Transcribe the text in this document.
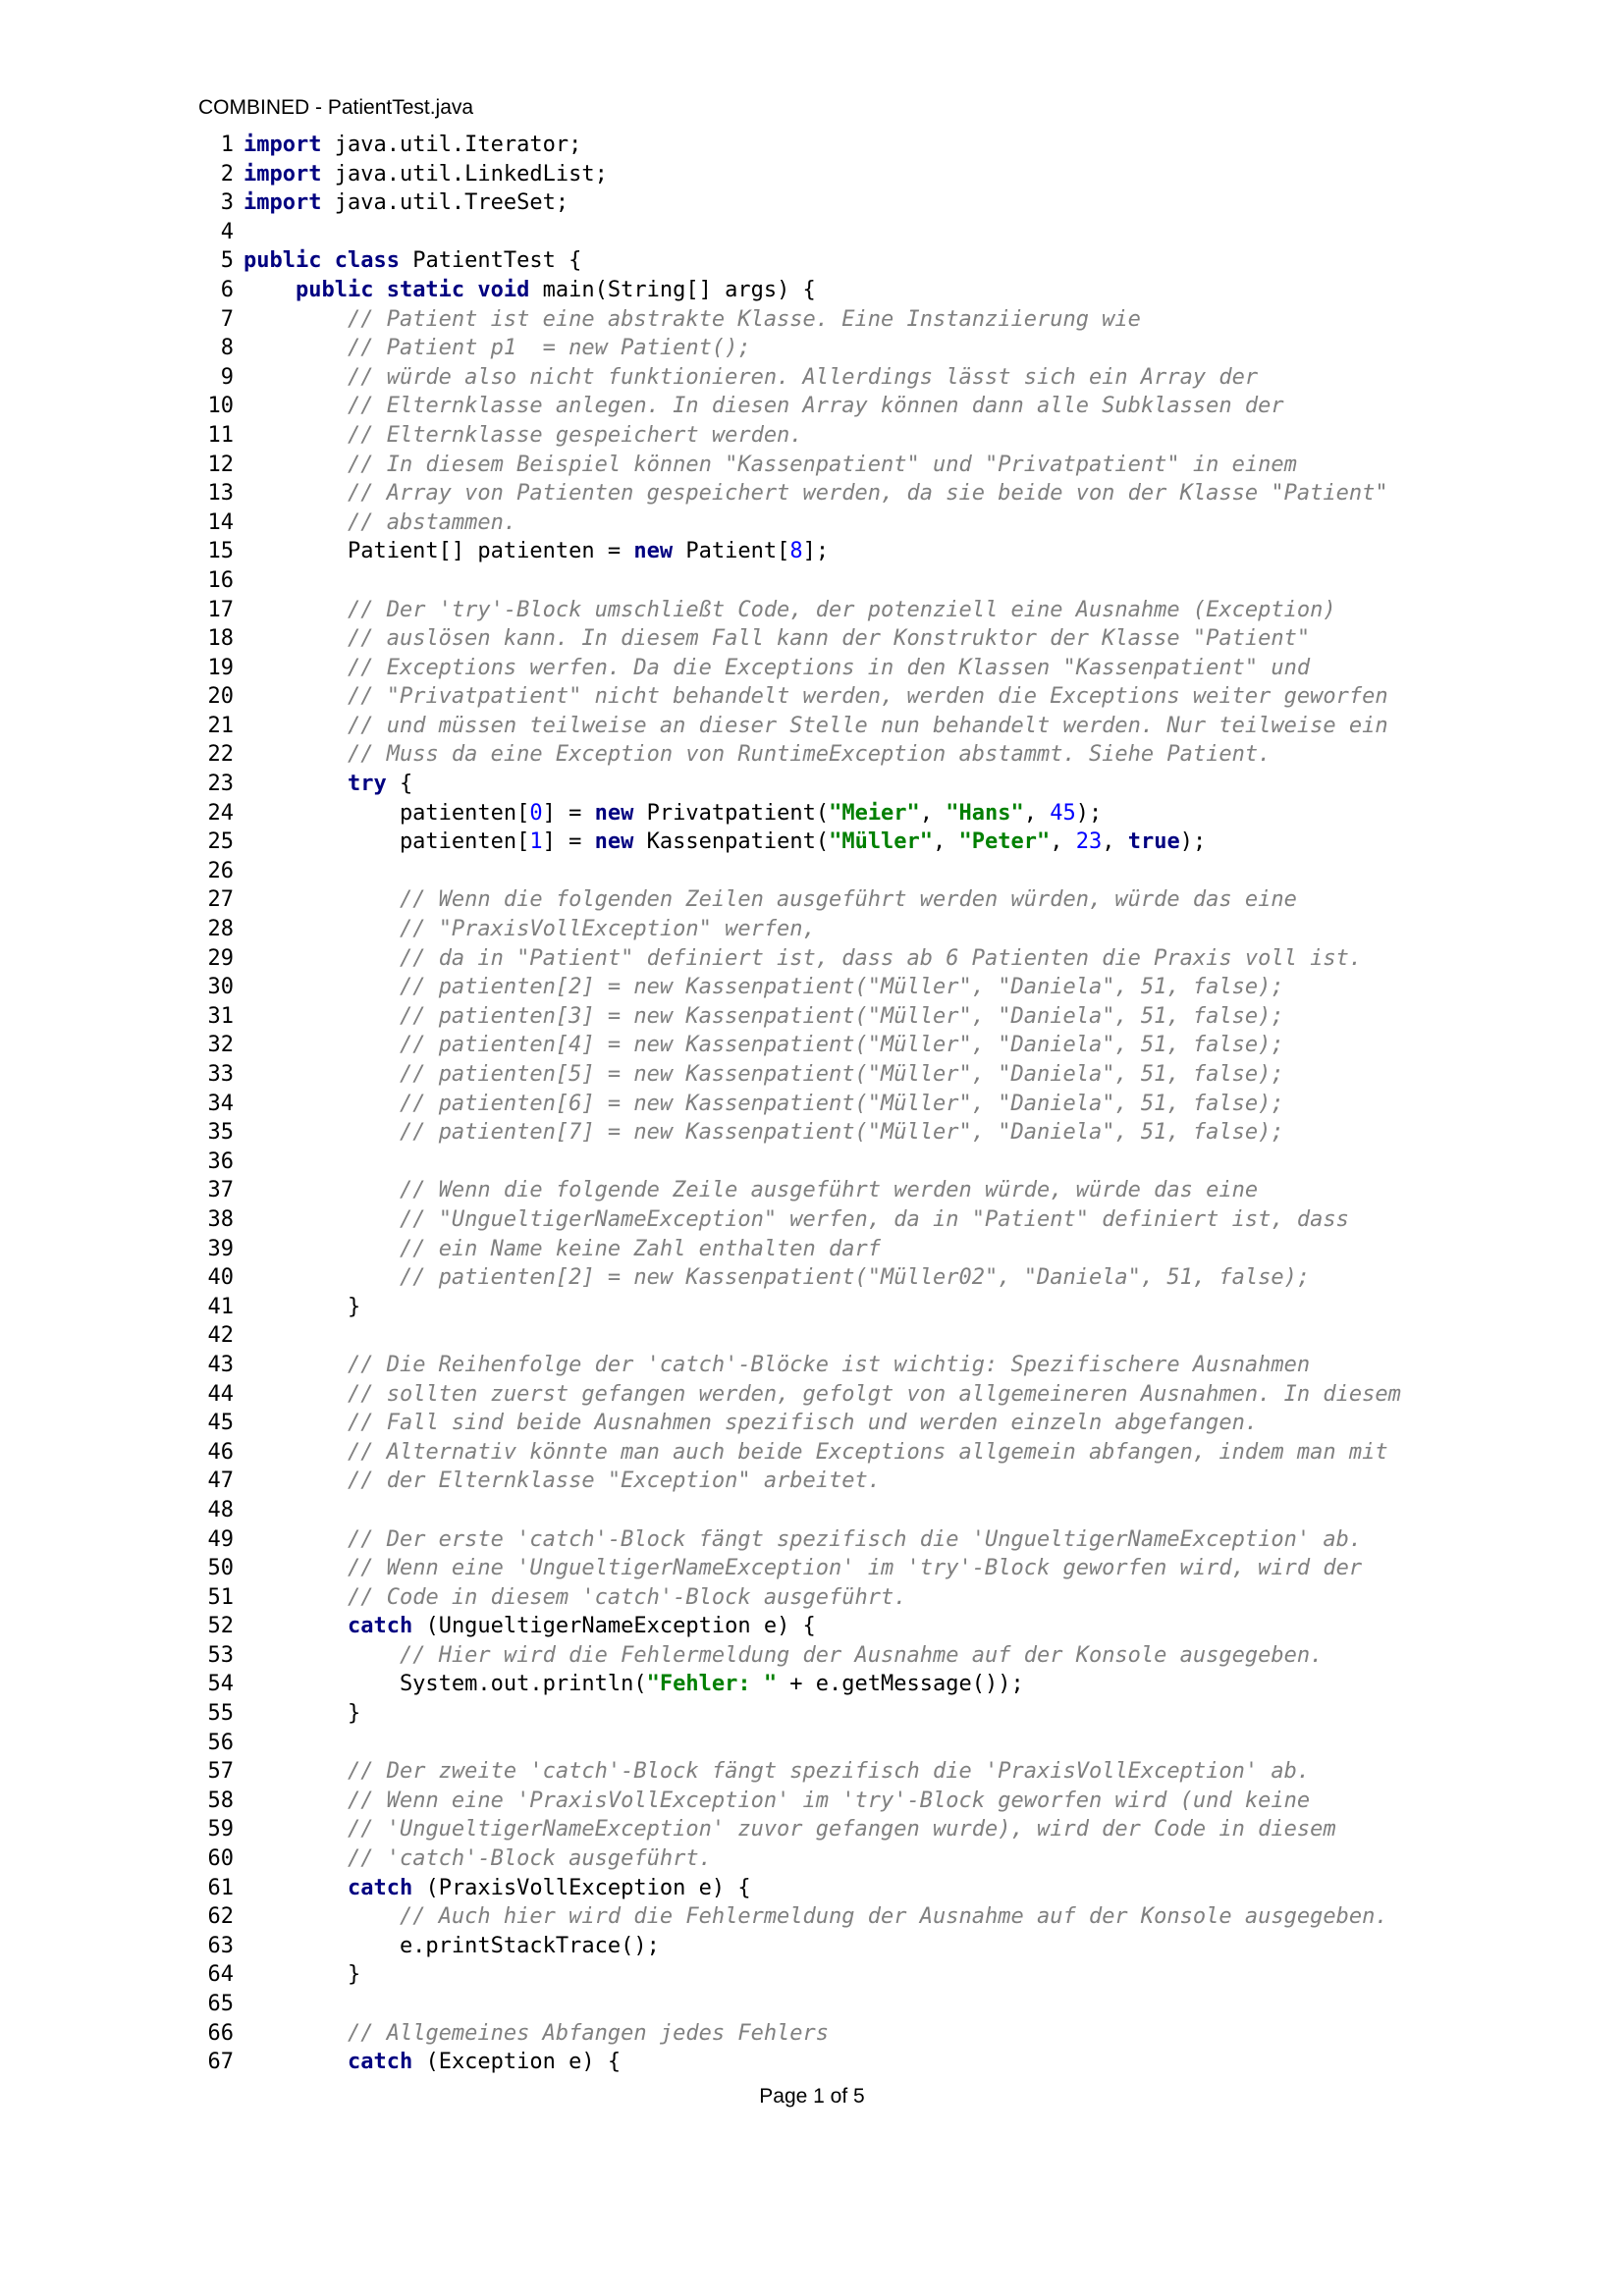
COMBINED - PatientTest.java
1 import java.util.Iterator;
2 import java.util.LinkedList;
3 import java.util.TreeSet;
4
5 public class PatientTest {
6	public static void main(String[] args) {
7	// Patient ist eine abstrakte Klasse. Eine Instanziierung wie
8	// Patient p1  = new Patient();
9	// würde also nicht funktionieren. Allerdings lässt sich ein Array der
10	// Elternklasse anlegen. In diesen Array können dann alle Subklassen der
11	// Elternklasse gespeichert werden.
12	// In diesem Beispiel können "Kassenpatient" und "Privatpatient" in einem
13	// Array von Patienten gespeichert werden, da sie beide von der Klasse "Patient"
14	// abstammen.
15 Patient[] patienten = new Patient[8];
16
17	// Der 'try'-Block umschließt Code, der potenziell eine Ausnahme (Exception)
18	// auslösen kann. In diesem Fall kann der Konstruktor der Klasse "Patient"
19	// Exceptions werfen. Da die Exceptions in den Klassen "Kassenpatient" und
20	// "Privatpatient" nicht behandelt werden, werden die Exceptions weiter geworfen
21	// und müssen teilweise an dieser Stelle nun behandelt werden. Nur teilweise ein
22	// Muss da eine Exception von RuntimeException abstammt. Siehe Patient.
23	try {
24 patienten[0] = new Privatpatient("Meier", "Hans", 45);
25 patienten[1] = new Kassenpatient("Müller", "Peter", 23, true);
26
27	// Wenn die folgenden Zeilen ausgeführt werden würden, würde das eine
28	// "PraxisVollException" werfen,
29	// da in "Patient" definiert ist, dass ab 6 Patienten die Praxis voll ist.
30	// patienten[2] = new Kassenpatient("Müller", "Daniela", 51, false);
31	// patienten[3] = new Kassenpatient("Müller", "Daniela", 51, false);
32	// patienten[4] = new Kassenpatient("Müller", "Daniela", 51, false);
33	// patienten[5] = new Kassenpatient("Müller", "Daniela", 51, false);
34	// patienten[6] = new Kassenpatient("Müller", "Daniela", 51, false);
35	// patienten[7] = new Kassenpatient("Müller", "Daniela", 51, false);
36
37	// Wenn die folgende Zeile ausgeführt werden würde, würde das eine
38	// "UngueltigerNameException" werfen, da in "Patient" definiert ist, dass
39	// ein Name keine Zahl enthalten darf
40	// patienten[2] = new Kassenpatient("Müller02", "Daniela", 51, false);
41 }
42
43	// Die Reihenfolge der 'catch'-Blöcke ist wichtig: Spezifischere Ausnahmen
44	// sollten zuerst gefangen werden, gefolgt von allgemeineren Ausnahmen. In diesem
45	// Fall sind beide Ausnahmen spezifisch und werden einzeln abgefangen.
46	// Alternativ könnte man auch beide Exceptions allgemein abfangen, indem man mit
47	// der Elternklasse "Exception" arbeitet.
48
49	// Der erste 'catch'-Block fängt spezifisch die 'UngueltigerNameException' ab.
50	// Wenn eine 'UngueltigerNameException' im 'try'-Block geworfen wird, wird der
51	// Code in diesem 'catch'-Block ausgeführt.
52	catch (UngueltigerNameException e) {
53	// Hier wird die Fehlermeldung der Ausnahme auf der Konsole ausgegeben.
54 System.out.println("Fehler: " + e.getMessage());
55 }
56
57	// Der zweite 'catch'-Block fängt spezifisch die 'PraxisVollException' ab.
58	// Wenn eine 'PraxisVollException' im 'try'-Block geworfen wird (und keine
59	// 'UngueltigerNameException' zuvor gefangen wurde), wird der Code in diesem
60	// 'catch'-Block ausgeführt.
61	catch (PraxisVollException e) {
62	// Auch hier wird die Fehlermeldung der Ausnahme auf der Konsole ausgegeben.
63 e.printStackTrace();
64 }
65
66	// Allgemeines Abfangen jedes Fehlers
67	catch (Exception e) {
Page 1 of 5
